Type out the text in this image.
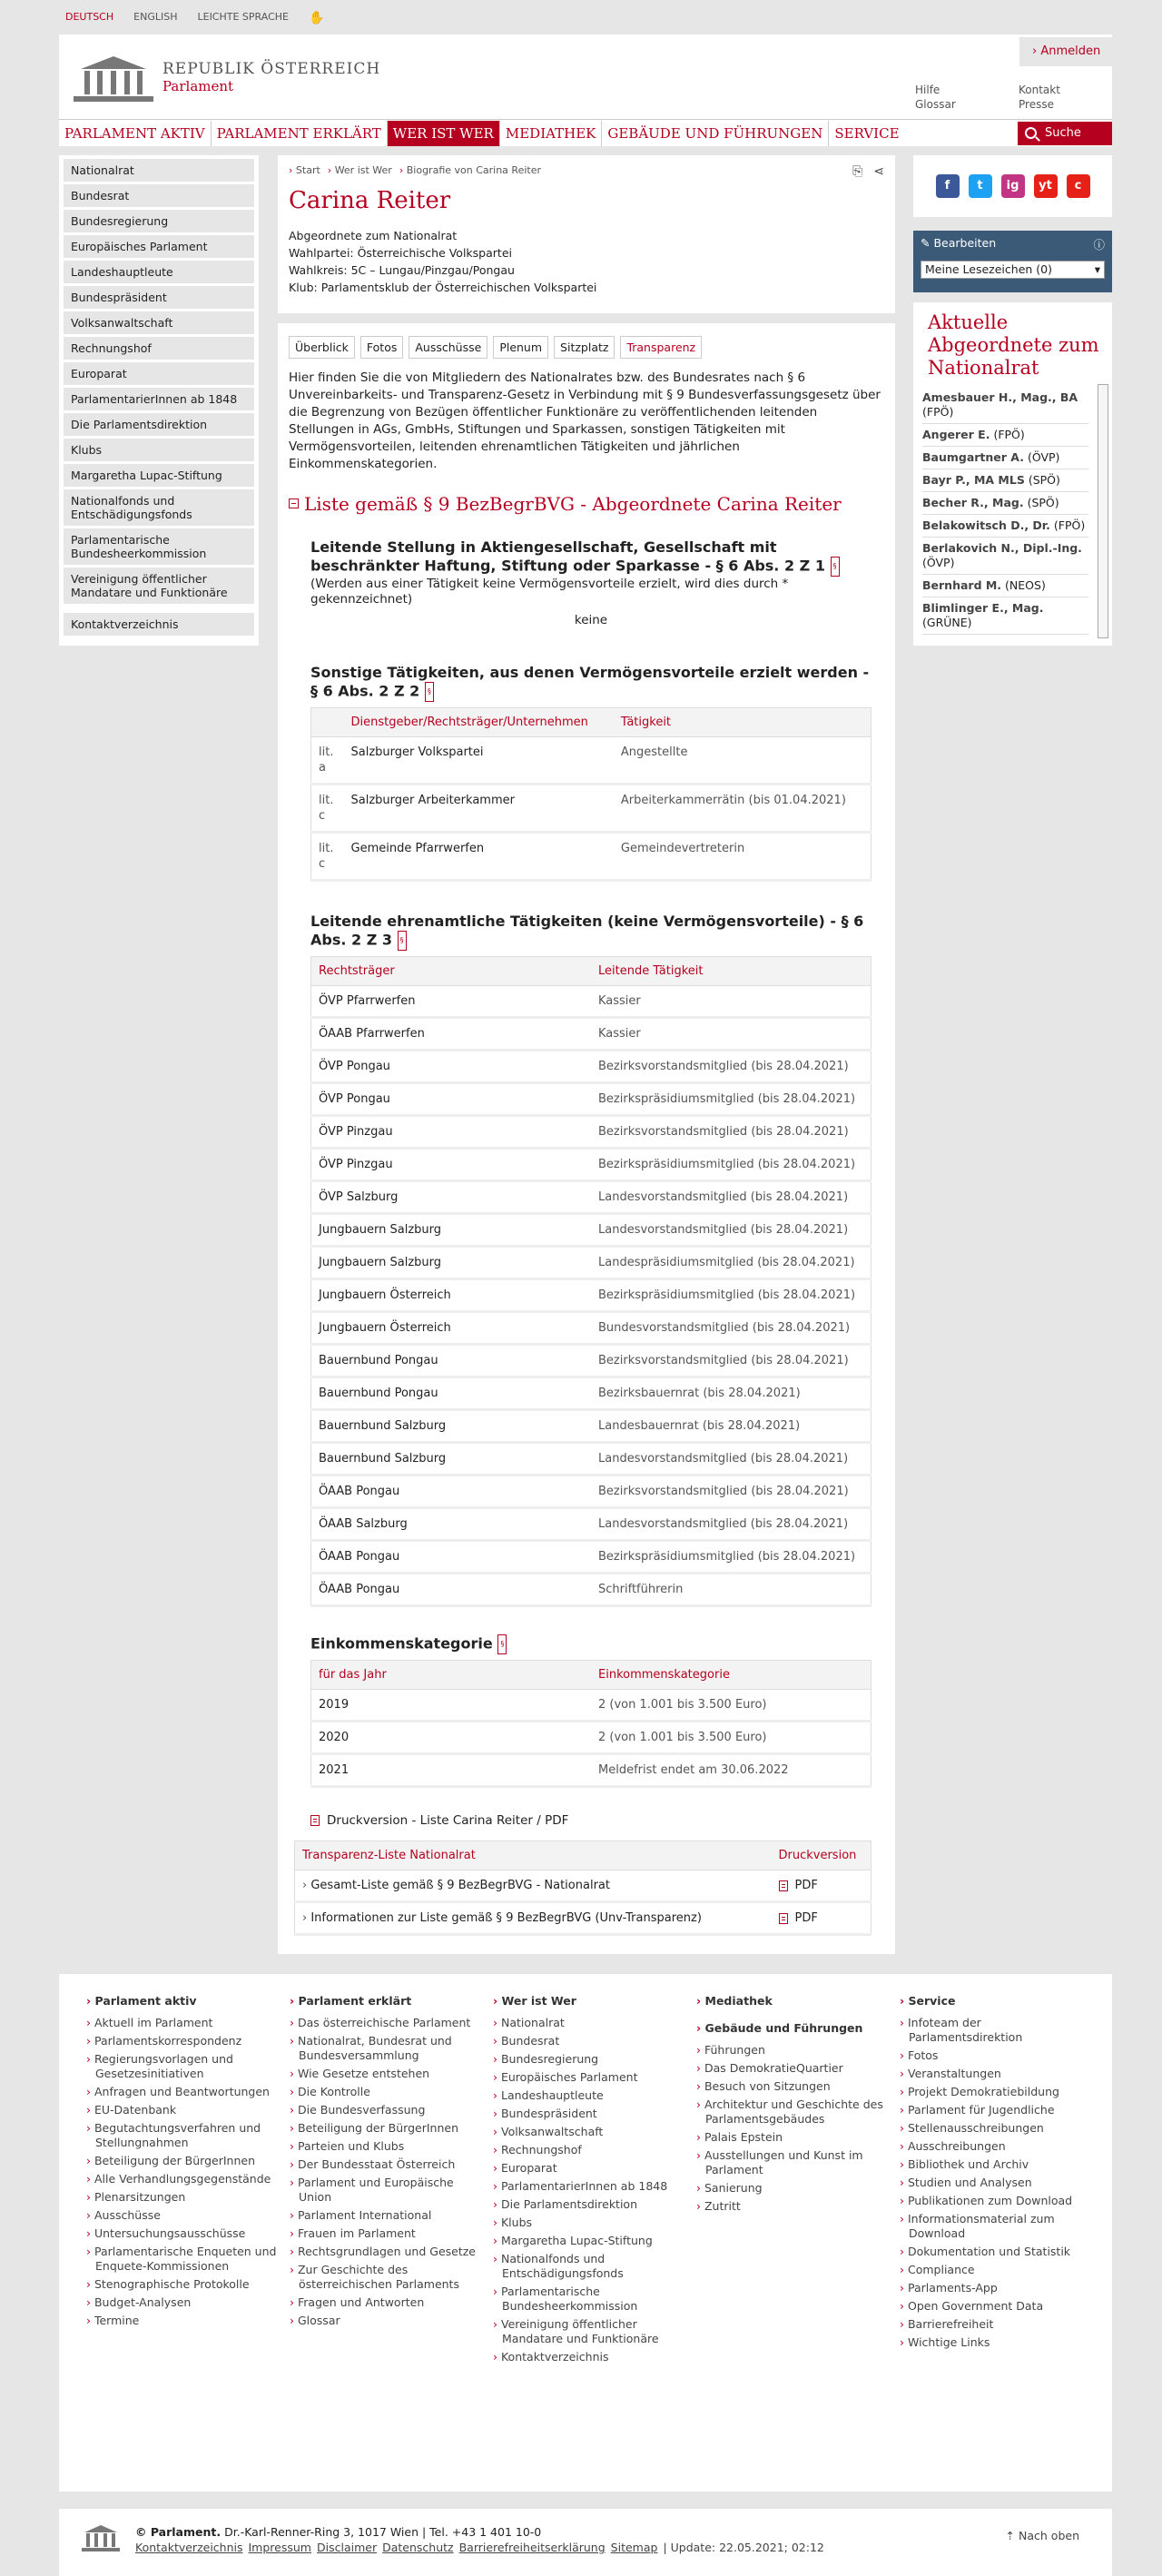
DEUTSCH ENGLISH LEICHTE SPRACHE ✋
REPUBLIK ÖSTERREICH
Parlament
› Anmelden
Hilfe
Glossar
Kontakt
Presse
PARLAMENT AKTIV PARLAMENT ERKLÄRT WER IST WER MEDIATHEK GEBÄUDE UND FÜHRUNGEN SERVICE	Suche
Nationalrat
Bundesrat
Bundesregierung
Europäisches Parlament
Landeshauptleute
Bundespräsident
Volksanwaltschaft
Rechnungshof
Europarat
ParlamentarierInnen ab 1848
Die Parlamentsdirektion
Klubs
Margaretha Lupac-Stiftung
Nationalfonds und Entschädigungsfonds
Parlamentarische Bundesheerkommission
Vereinigung öffentlicher Mandatare und Funktionäre
Kontaktverzeichnis
› Start	› Wer ist Wer	› Biografie von Carina Reiter	⎘ ⋖
Carina Reiter
Abgeordnete zum Nationalrat
Wahlpartei: Österreichische Volkspartei
Wahlkreis: 5C – Lungau/Pinzgau/Pongau
Klub: Parlamentsklub der Österreichischen Volkspartei
Überblick	Fotos	Ausschüsse	Plenum	Sitzplatz	Transparenz
Hier finden Sie die von Mitgliedern des Nationalrates bzw. des Bundesrates nach § 6 Unvereinbarkeits- und Transparenz-Gesetz in Verbindung mit § 9 Bundesverfassungsgesetz über die Begrenzung von Bezügen öffentlicher Funktionäre zu veröffentlichenden leitenden Stellungen in AGs, GmbHs, Stiftungen und Sparkassen, sonstigen Tätigkeiten mit Vermögensvorteilen, leitenden ehrenamtlichen Tätigkeiten und jährlichen Einkommenskategorien.
Liste gemäß § 9 BezBegrBVG - Abgeordnete Carina Reiter
Leitende Stellung in Aktiengesellschaft, Gesellschaft mit beschränkter Haftung, Stiftung oder Sparkasse - § 6 Abs. 2 Z 1 §
(Werden aus einer Tätigkeit keine Vermögensvorteile erzielt, wird dies durch * gekennzeichnet)
keine
Sonstige Tätigkeiten, aus denen Vermögensvorteile erzielt werden - § 6 Abs. 2 Z 2 §
	Dienstgeber/Rechtsträger/Unternehmen	Tätigkeit
lit. a	Salzburger Volkspartei	Angestellte
lit. c	Salzburger Arbeiterkammer	Arbeiterkammerrätin (bis 01.04.2021)
lit. c	Gemeinde Pfarrwerfen	Gemeindevertreterin
Leitende ehrenamtliche Tätigkeiten (keine Vermögensvorteile) - § 6 Abs. 2 Z 3 §
Rechtsträger	Leitende Tätigkeit
ÖVP Pfarrwerfen	Kassier
ÖAAB Pfarrwerfen	Kassier
ÖVP Pongau	Bezirksvorstandsmitglied (bis 28.04.2021)
ÖVP Pongau	Bezirkspräsidiumsmitglied (bis 28.04.2021)
ÖVP Pinzgau	Bezirksvorstandsmitglied (bis 28.04.2021)
ÖVP Pinzgau	Bezirkspräsidiumsmitglied (bis 28.04.2021)
ÖVP Salzburg	Landesvorstandsmitglied (bis 28.04.2021)
Jungbauern Salzburg	Landesvorstandsmitglied (bis 28.04.2021)
Jungbauern Salzburg	Landespräsidiumsmitglied (bis 28.04.2021)
Jungbauern Österreich	Bezirkspräsidiumsmitglied (bis 28.04.2021)
Jungbauern Österreich	Bundesvorstandsmitglied (bis 28.04.2021)
Bauernbund Pongau	Bezirksvorstandsmitglied (bis 28.04.2021)
Bauernbund Pongau	Bezirksbauernrat (bis 28.04.2021)
Bauernbund Salzburg	Landesbauernrat (bis 28.04.2021)
Bauernbund Salzburg	Landesvorstandsmitglied (bis 28.04.2021)
ÖAAB Pongau	Bezirksvorstandsmitglied (bis 28.04.2021)
ÖAAB Salzburg	Landesvorstandsmitglied (bis 28.04.2021)
ÖAAB Pongau	Bezirkspräsidiumsmitglied (bis 28.04.2021)
ÖAAB Pongau	Schriftführerin
Einkommenskategorie §
für das Jahr	Einkommenskategorie
2019	2 (von 1.001 bis 3.500 Euro)
2020	2 (von 1.001 bis 3.500 Euro)
2021	Meldefrist endet am 30.06.2022
Druckversion - Liste Carina Reiter / PDF
Transparenz-Liste Nationalrat	Druckversion
› Gesamt-Liste gemäß § 9 BezBegrBVG - Nationalrat	PDF
› Informationen zur Liste gemäß § 9 BezBegrBVG (Unv-Transparenz)	PDF
f	t	ig	yt	c
✎ Bearbeiten	ⓘ
Meine Lesezeichen (0)	▾
Aktuelle Abgeordnete zum Nationalrat
Amesbauer H., Mag., BA (FPÖ)
Angerer E. (FPÖ)
Baumgartner A. (ÖVP)
Bayr P., MA MLS (SPÖ)
Becher R., Mag. (SPÖ)
Belakowitsch D., Dr. (FPÖ)
Berlakovich N., Dipl.-Ing. (ÖVP)
Bernhard M. (NEOS)
Blimlinger E., Mag. (GRÜNE)
› Parlament aktiv
› Aktuell im Parlament
› Parlamentskorrespondenz
› Regierungsvorlagen und Gesetzesinitiativen
› Anfragen und Beantwortungen
› EU-Datenbank
› Begutachtungsverfahren und Stellungnahmen
› Beteiligung der BürgerInnen
› Alle Verhandlungsgegenstände
› Plenarsitzungen
› Ausschüsse
› Untersuchungsausschüsse
› Parlamentarische Enqueten und Enquete-Kommissionen
› Stenographische Protokolle
› Budget-Analysen
› Termine
› Parlament erklärt
› Das österreichische Parlament
› Nationalrat, Bundesrat und Bundesversammlung
› Wie Gesetze entstehen
› Die Kontrolle
› Die Bundesverfassung
› Beteiligung der BürgerInnen
› Parteien und Klubs
› Der Bundesstaat Österreich
› Parlament und Europäische Union
› Parlament International
› Frauen im Parlament
› Rechtsgrundlagen und Gesetze
› Zur Geschichte des österreichischen Parlaments
› Fragen und Antworten
› Glossar
› Wer ist Wer
› Nationalrat
› Bundesrat
› Bundesregierung
› Europäisches Parlament
› Landeshauptleute
› Bundespräsident
› Volksanwaltschaft
› Rechnungshof
› Europarat
› ParlamentarierInnen ab 1848
› Die Parlamentsdirektion
› Klubs
› Margaretha Lupac-Stiftung
› Nationalfonds und Entschädigungsfonds
› Parlamentarische Bundesheerkommission
› Vereinigung öffentlicher Mandatare und Funktionäre
› Kontaktverzeichnis
› Mediathek
› Gebäude und Führungen
› Führungen
› Das DemokratieQuartier
› Besuch von Sitzungen
› Architektur und Geschichte des Parlamentsgebäudes
› Palais Epstein
› Ausstellungen und Kunst im Parlament
› Sanierung
› Zutritt
› Service
› Infoteam der Parlamentsdirektion
› Fotos
› Veranstaltungen
› Projekt Demokratiebildung
› Parlament für Jugendliche
› Stellenausschreibungen
› Ausschreibungen
› Bibliothek und Archiv
› Studien und Analysen
› Publikationen zum Download
› Informationsmaterial zum Download
› Dokumentation und Statistik
› Compliance
› Parlaments-App
› Open Government Data
› Barrierefreiheit
› Wichtige Links
© Parlament. Dr.-Karl-Renner-Ring 3, 1017 Wien | Tel. +43 1 401 10-0
Kontaktverzeichnis Impressum Disclaimer Datenschutz Barrierefreiheitserklärung Sitemap | Update: 22.05.2021; 02:12
⇡ Nach oben
